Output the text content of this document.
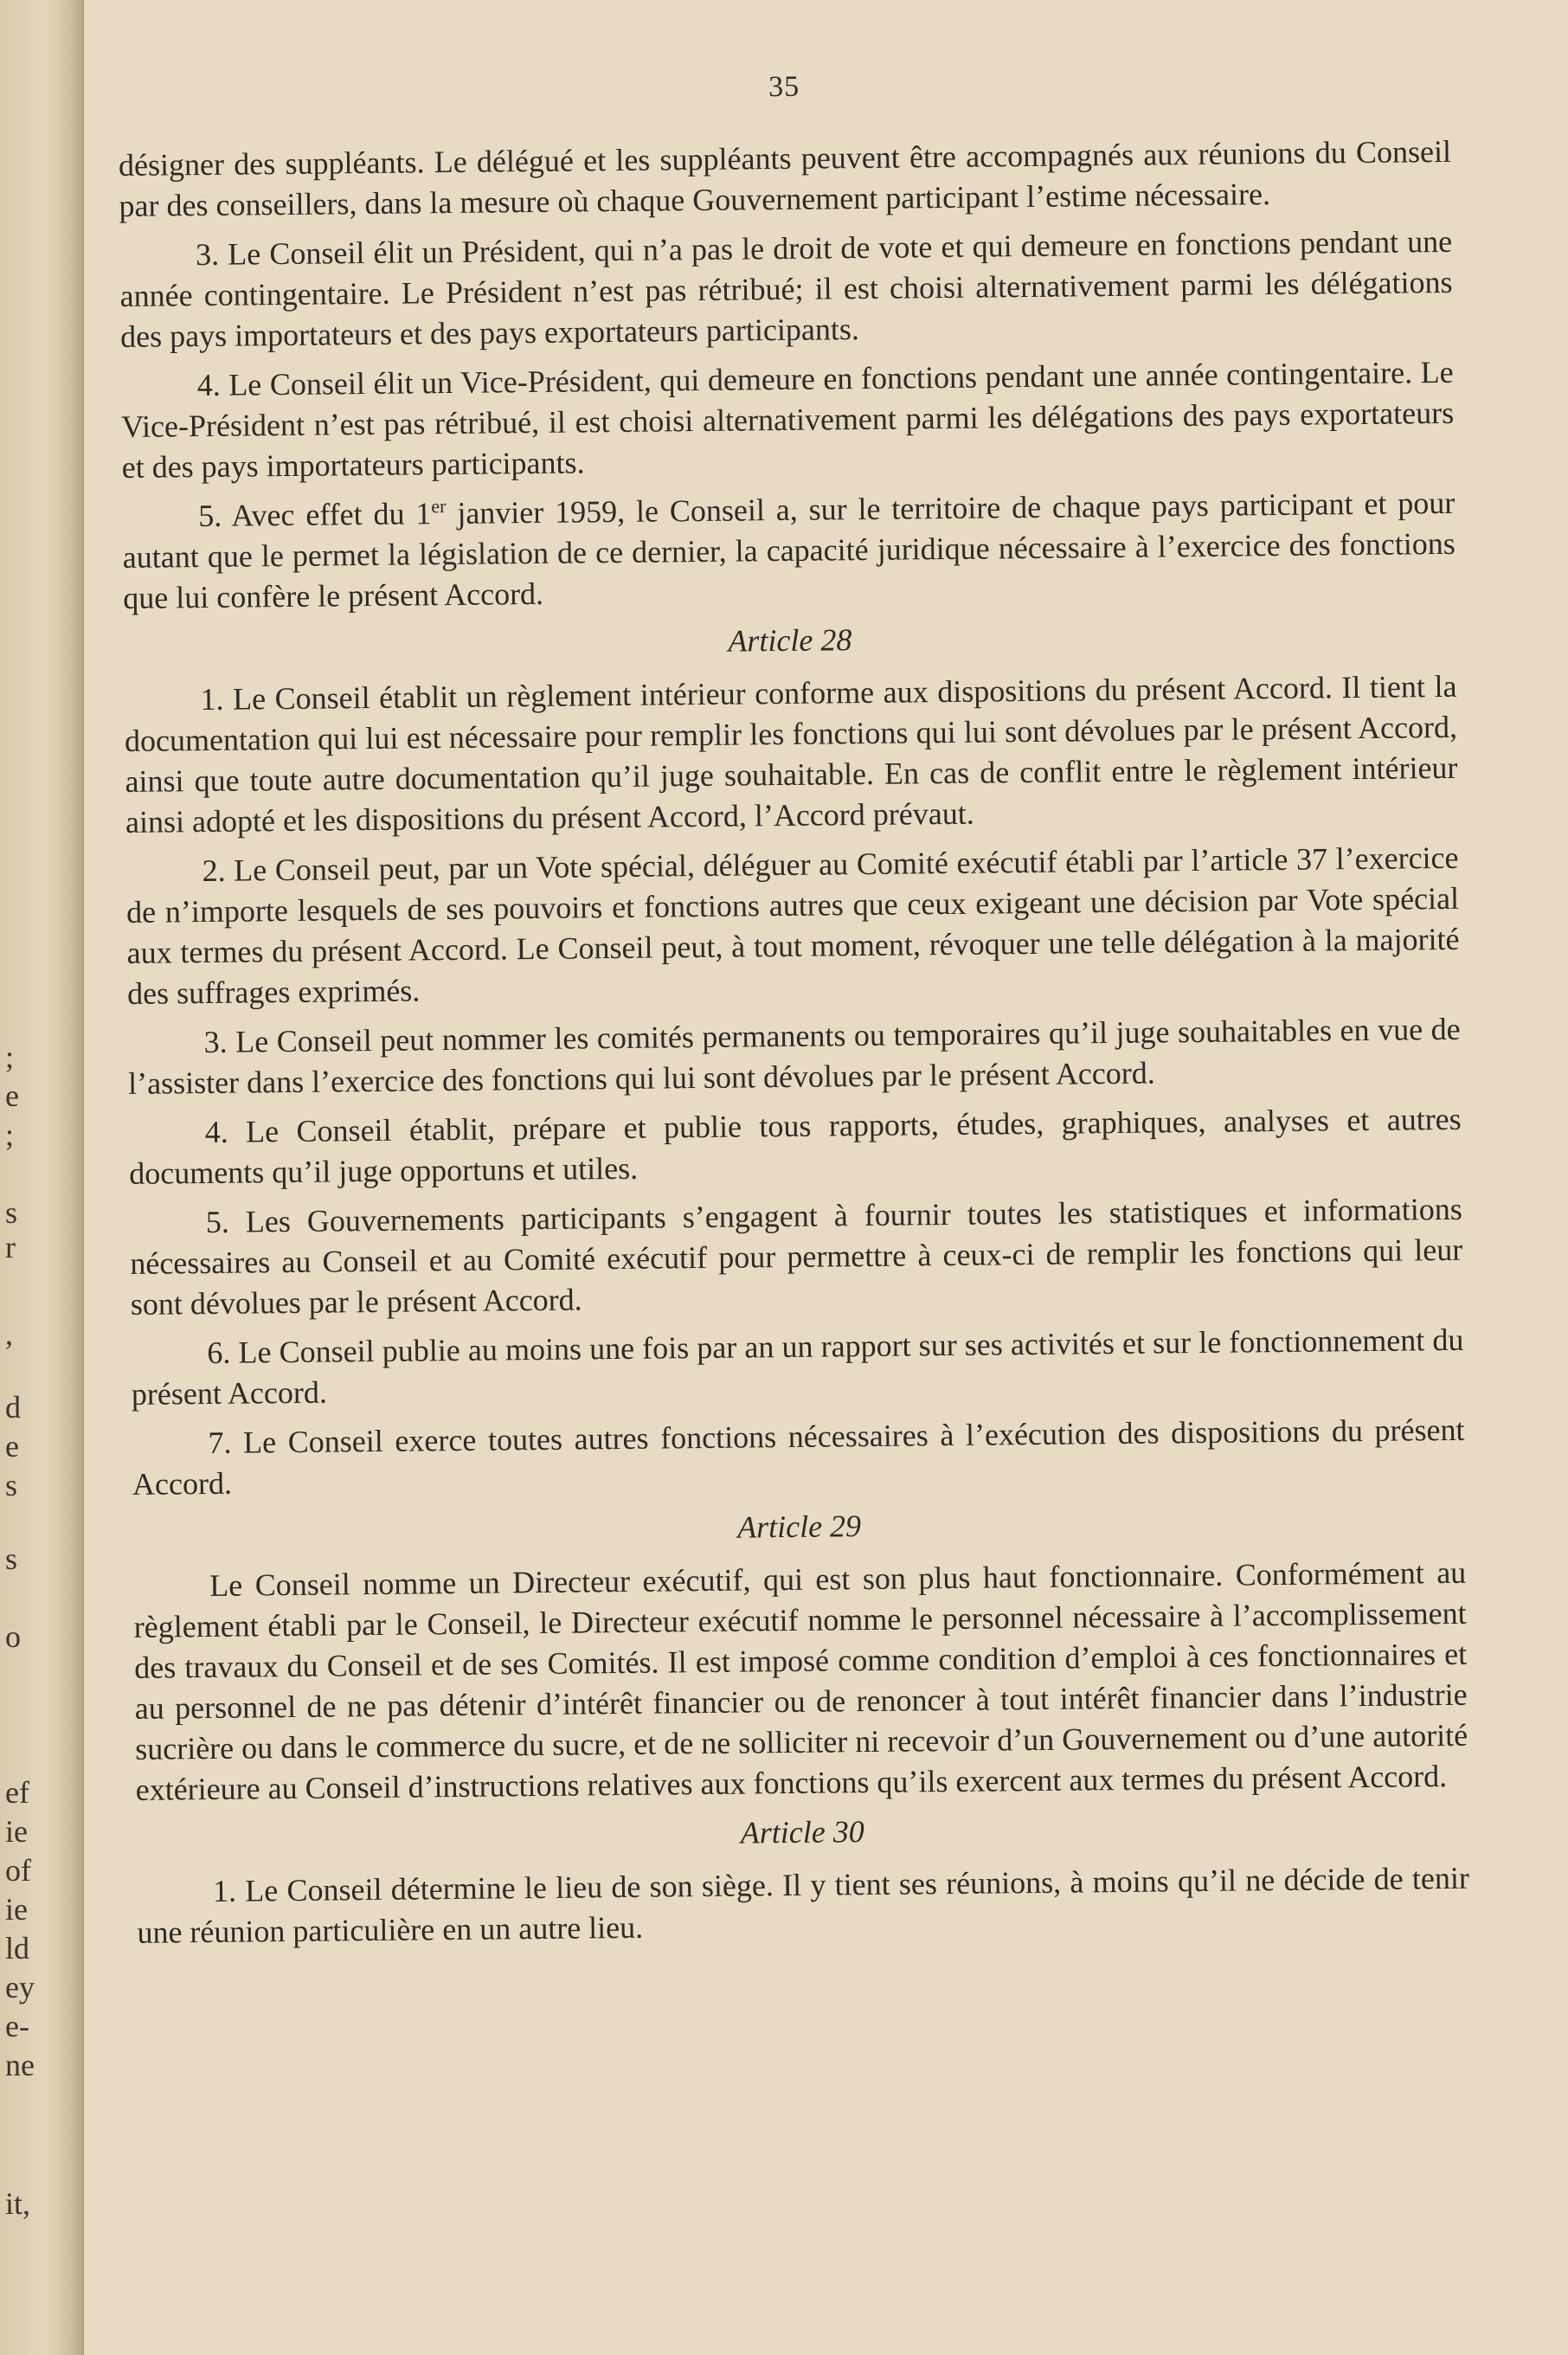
;
e
;
s
r
,
d
e
s
s
o
ef
ie
of
ie
ld
ey
e-
ne
it,
35

désigner des suppléants. Le délégué et les suppléants peuvent être accompagnés aux réunions du Conseil par des conseillers, dans la mesure où chaque Gouvernement participant l’estime nécessaire.

3. Le Conseil élit un Président, qui n’a pas le droit de vote et qui demeure en fonctions pendant une année contingentaire. Le Président n’est pas rétribué; il est choisi alternativement parmi les délégations des pays importateurs et des pays exportateurs participants.

4. Le Conseil élit un Vice-Président, qui demeure en fonctions pendant une année contingentaire. Le Vice-Président n’est pas rétribué, il est choisi alternativement parmi les délégations des pays exportateurs et des pays importateurs participants.

5. Avec effet du 1er janvier 1959, le Conseil a, sur le territoire de chaque pays participant et pour autant que le permet la législation de ce dernier, la capacité juridique nécessaire à l’exercice des fonctions que lui confère le présent Accord.

Article 28

1. Le Conseil établit un règlement intérieur conforme aux dispositions du présent Accord. Il tient la documentation qui lui est nécessaire pour remplir les fonctions qui lui sont dévolues par le présent Accord, ainsi que toute autre documentation qu’il juge souhaitable. En cas de conflit entre le règlement intérieur ainsi adopté et les dispositions du présent Accord, l’Accord prévaut.

2. Le Conseil peut, par un Vote spécial, déléguer au Comité exécutif établi par l’article 37 l’exercice de n’importe lesquels de ses pouvoirs et fonctions autres que ceux exigeant une décision par Vote spécial aux termes du présent Accord. Le Conseil peut, à tout moment, révoquer une telle délégation à la majorité des suffrages exprimés.

3. Le Conseil peut nommer les comités permanents ou temporaires qu’il juge souhaitables en vue de l’assister dans l’exercice des fonctions qui lui sont dévolues par le présent Accord.

4. Le Conseil établit, prépare et publie tous rapports, études, graphiques, analyses et autres documents qu’il juge opportuns et utiles.

5. Les Gouvernements participants s’engagent à fournir toutes les statistiques et informations nécessaires au Conseil et au Comité exécutif pour permettre à ceux-ci de remplir les fonctions qui leur sont dévolues par le présent Accord.

6. Le Conseil publie au moins une fois par an un rapport sur ses activités et sur le fonctionnement du présent Accord.

7. Le Conseil exerce toutes autres fonctions nécessaires à l’exécution des dispositions du présent Accord.

Article 29

Le Conseil nomme un Directeur exécutif, qui est son plus haut fonctionnaire. Conformément au règlement établi par le Conseil, le Directeur exécutif nomme le personnel nécessaire à l’accomplissement des travaux du Conseil et de ses Comités. Il est imposé comme condition d’emploi à ces fonctionnaires et au personnel de ne pas détenir d’intérêt financier ou de renoncer à tout intérêt financier dans l’industrie sucrière ou dans le commerce du sucre, et de ne solliciter ni recevoir d’un Gouvernement ou d’une autorité extérieure au Conseil d’instructions relatives aux fonctions qu’ils exercent aux termes du présent Accord.

Article 30

1. Le Conseil détermine le lieu de son siège. Il y tient ses réunions, à moins qu’il ne décide de tenir une réunion particulière en un autre lieu.
